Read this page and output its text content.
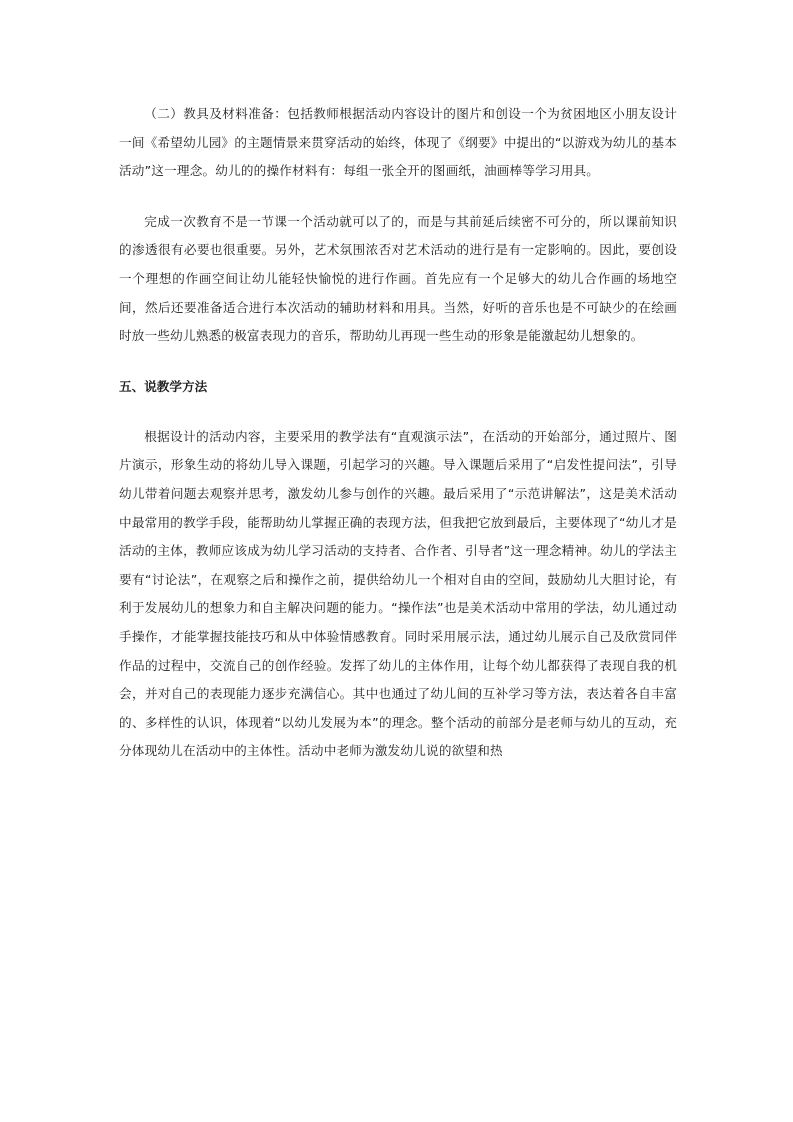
（二）教具及材料准备：包括教师根据活动内容设计的图片和创设一个为贫困地区小朋友设计一间《希望幼儿园》的主题情景来贯穿活动的始终，体现了《纲要》中提出的“以游戏为幼儿的基本活动”这一理念。幼儿的的操作材料有：每组一张全开的图画纸，油画棒等学习用具。

完成一次教育不是一节课一个活动就可以了的，而是与其前延后续密不可分的，所以课前知识的渗透很有必要也很重要。另外，艺术氛围浓否对艺术活动的进行是有一定影响的。因此，要创设一个理想的作画空间让幼儿能轻快愉悦的进行作画。首先应有一个足够大的幼儿合作画的场地空间，然后还要准备适合进行本次活动的辅助材料和用具。当然，好听的音乐也是不可缺少的在绘画时放一些幼儿熟悉的极富表现力的音乐，帮助幼儿再现一些生动的形象是能激起幼儿想象的。

五、说教学方法

根据设计的活动内容，主要采用的教学法有“直观演示法”，在活动的开始部分，通过照片、图片演示，形象生动的将幼儿导入课题，引起学习的兴趣。导入课题后采用了“启发性提问法”，引导幼儿带着问题去观察并思考，激发幼儿参与创作的兴趣。最后采用了“示范讲解法”，这是美术活动中最常用的教学手段，能帮助幼儿掌握正确的表现方法，但我把它放到最后，主要体现了“幼儿才是活动的主体，教师应该成为幼儿学习活动的支持者、合作者、引导者”这一理念精神。幼儿的学法主要有“讨论法”，在观察之后和操作之前，提供给幼儿一个相对自由的空间，鼓励幼儿大胆讨论，有利于发展幼儿的想象力和自主解决问题的能力。“操作法”也是美术活动中常用的学法，幼儿通过动手操作，才能掌握技能技巧和从中体验情感教育。同时采用展示法，通过幼儿展示自己及欣赏同伴作品的过程中，交流自己的创作经验。发挥了幼儿的主体作用，让每个幼儿都获得了表现自我的机会，并对自己的表现能力逐步充满信心。其中也通过了幼儿间的互补学习等方法，表达着各自丰富的、多样性的认识，体现着“以幼儿发展为本”的理念。整个活动的前部分是老师与幼儿的互动，充分体现幼儿在活动中的主体性。活动中老师为激发幼儿说的欲望和热
